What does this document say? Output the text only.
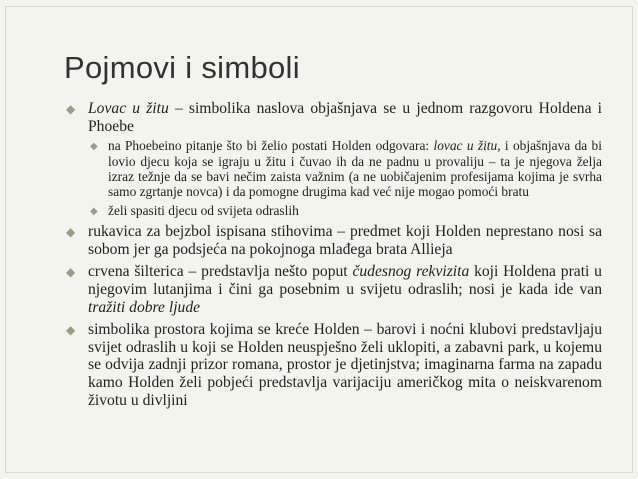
Pojmovi i simboli
◆ Lovac u žitu – simbolika naslova objašnjava se u jednom razgovoru Holdena i Phoebe
◆ na Phoebeino pitanje što bi želio postati Holden odgovara: lovac u žitu, i objašnjava da bi lovio djecu koja se igraju u žitu i čuvao ih da ne padnu u provaliju – ta je njegova želja izraz težnje da se bavi nečim zaista važnim (a ne uobičajenim profesijama kojima je svrha samo zgrtanje novca) i da pomogne drugima kad već nije mogao pomoći bratu
◆ želi spasiti djecu od svijeta odraslih
◆ rukavica za bejzbol ispisana stihovima – predmet koji Holden neprestano nosi sa sobom jer ga podsjeća na pokojnoga mlađega brata Allieja
◆ crvena šilterica – predstavlja nešto poput čudesnog rekvizita koji Holdena prati u njegovim lutanjima i čini ga posebnim u svijetu odraslih; nosi je kada ide van tražiti dobre ljude
◆ simbolika prostora kojima se kreće Holden – barovi i noćni klubovi predstavljaju svijet odraslih u koji se Holden neuspješno želi uklopiti, a zabavni park, u kojemu se odvija zadnji prizor romana, prostor je djetinjstva; imaginarna farma na zapadu kamo Holden želi pobjeći predstavlja varijaciju američkog mita o neiskvarenom životu u divljini
